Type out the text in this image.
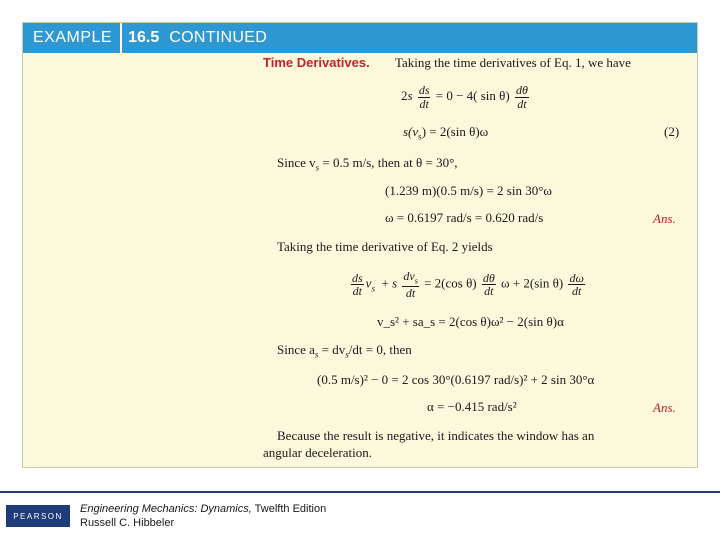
EXAMPLE	16.5 CONTINUED
Time Derivatives. Taking the time derivatives of Eq. 1, we have
$2s \frac{ds}{dt} = 0 - 4$( $\sin \theta) \frac{d\theta}{dt}$
$s(v_s) = 2(\sin$ θ)ω	(2)
Since $v_s = 0.5$ m/s, then at θ = 30°,
(1.239 m)(0.5 m/s) = 2 sin 30°ω
ω = 0.6197 rad/s = 0.620 rad/s	Ans.
Taking the time derivative of Eq. 2 yields
$\frac{ds}{dt} v_s + s \frac{dv_s}{dt} = 2(\cos$ $\theta) \frac{d\theta}{dt}$ ω + 2(sin $\theta) \frac{d\omega}{dt}$
v_s² + sa_s = 2(cos θ)ω² − 2(sin θ)α
Since $a_s = dv_s/dt = 0$, then
(0.5 m/s)² − 0 = 2 cos 30°(0.6197 rad/s)² + 2 sin 30°α
α = −0.415 rad/s²	Ans.
Because the result is negative, it indicates the window has an
angular deceleration.
PEARSON
Engineering Mechanics: Dynamics, Twelfth Edition
Russell C. Hibbeler
